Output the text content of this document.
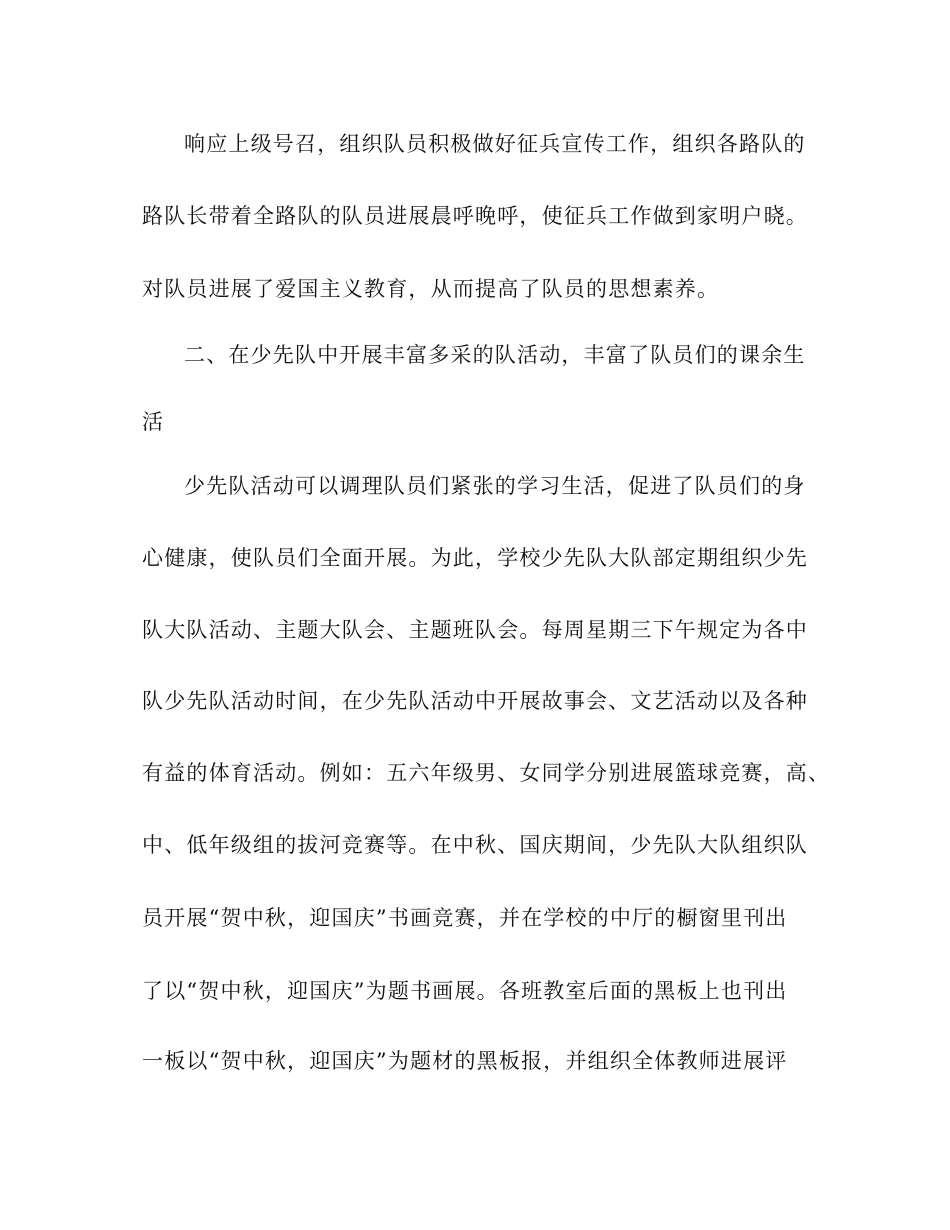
响应上级号召，组织队员积极做好征兵宣传工作，组织各路队的
路队长带着全路队的队员进展晨呼晚呼，使征兵工作做到家明户晓。
对队员进展了爱国主义教育，从而提高了队员的思想素养。
二、在少先队中开展丰富多采的队活动，丰富了队员们的课余生
活
少先队活动可以调理队员们紧张的学习生活，促进了队员们的身
心健康，使队员们全面开展。为此，学校少先队大队部定期组织少先
队大队活动、主题大队会、主题班队会。每周星期三下午规定为各中
队少先队活动时间，在少先队活动中开展故事会、文艺活动以及各种
有益的体育活动。例如：五六年级男、女同学分别进展篮球竞赛，高、
中、低年级组的拔河竞赛等。在中秋、国庆期间，少先队大队组织队
员开展“贺中秋，迎国庆”书画竞赛，并在学校的中厅的橱窗里刊出
了以“贺中秋，迎国庆”为题书画展。各班教室后面的黑板上也刊出
一板以“贺中秋，迎国庆”为题材的黑板报，并组织全体教师进展评
